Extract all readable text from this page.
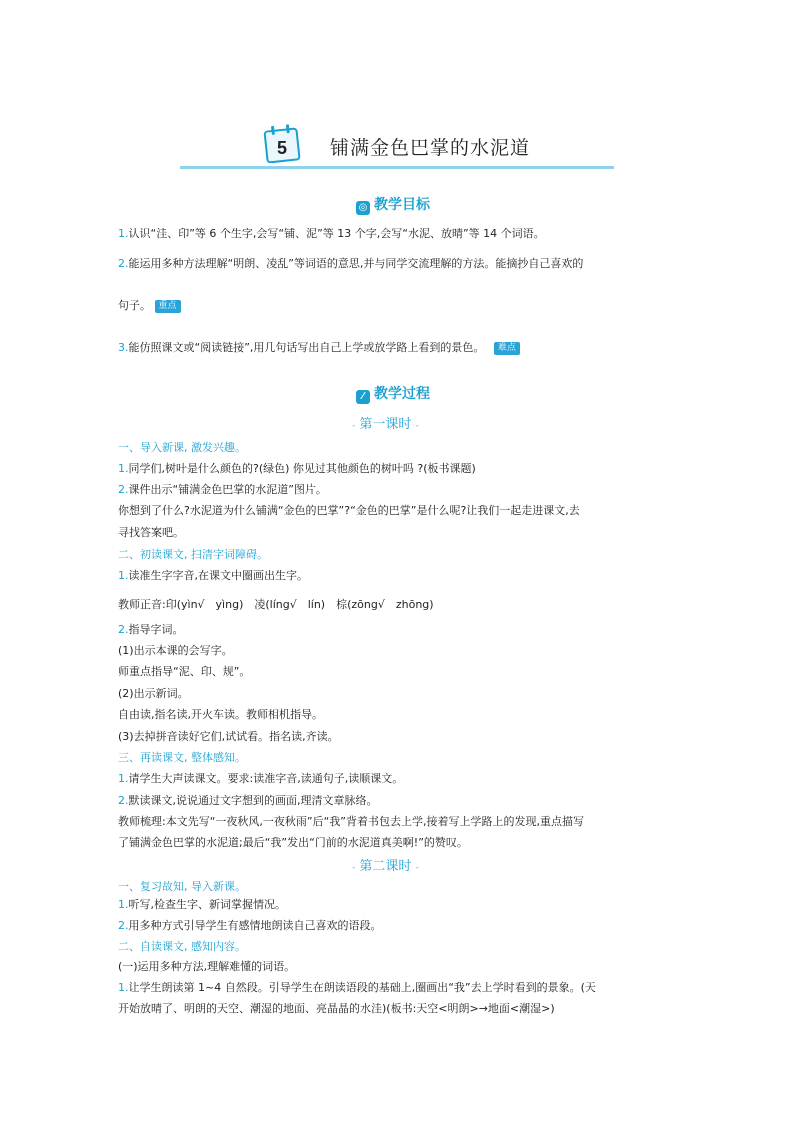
5 铺满金色巴掌的水泥道
◎ 教学目标
1.认识“洼、印”等 6 个生字,会写“铺、泥”等 13 个字,会写“水泥、放晴”等 14 个词语。
2.能运用多种方法理解“明朗、凌乱”等词语的意思,并与同学交流理解的方法。能摘抄自己喜欢的
句子。 重点
3.能仿照课文或“阅读链接”,用几句话写出自己上学或放学路上看到的景色。 难点
⁄ 教学过程
- 第一课时 -
一、导入新课, 激发兴趣。
1.同学们,树叶是什么颜色的?(绿色) 你见过其他颜色的树叶吗 ?(板书课题)
2.课件出示“铺满金色巴掌的水泥道”图片。
你想到了什么?水泥道为什么铺满“金色的巴掌”?“金色的巴掌”是什么呢?让我们一起走进课文,去
寻找答案吧。
二、初读课文, 扫清字词障碍。
1.读准生字字音,在课文中圈画出生字。
教师正音:印(yìn√　yìng)　凌(líng√　lín)　棕(zōng√　zhōng)
2.指导字词。
(1)出示本课的会写字。
师重点指导“泥、印、规”。
(2)出示新词。
自由读,指名读,开火车读。教师相机指导。
(3)去掉拼音读好它们,试试看。指名读,齐读。
三、再读课文, 整体感知。
1.请学生大声读课文。要求:读准字音,读通句子,读顺课文。
2.默读课文,说说通过文字想到的画面,理清文章脉络。
教师梳理:本文先写“一夜秋风,一夜秋雨”后“我”背着书包去上学,接着写上学路上的发现,重点描写
了铺满金色巴掌的水泥道;最后“我”发出“门前的水泥道真美啊!”的赞叹。
- 第二课时 -
一、复习故知, 导入新课。
1.听写,检查生字、新词掌握情况。
2.用多种方式引导学生有感情地朗读自己喜欢的语段。
二、自读课文, 感知内容。
(一)运用多种方法,理解难懂的词语。
1.让学生朗读第 1~4 自然段。引导学生在朗读语段的基础上,圈画出“我”去上学时看到的景象。(天
开始放晴了、明朗的天空、潮湿的地面、亮晶晶的水洼)(板书:天空<明朗>→地面<潮湿>)
